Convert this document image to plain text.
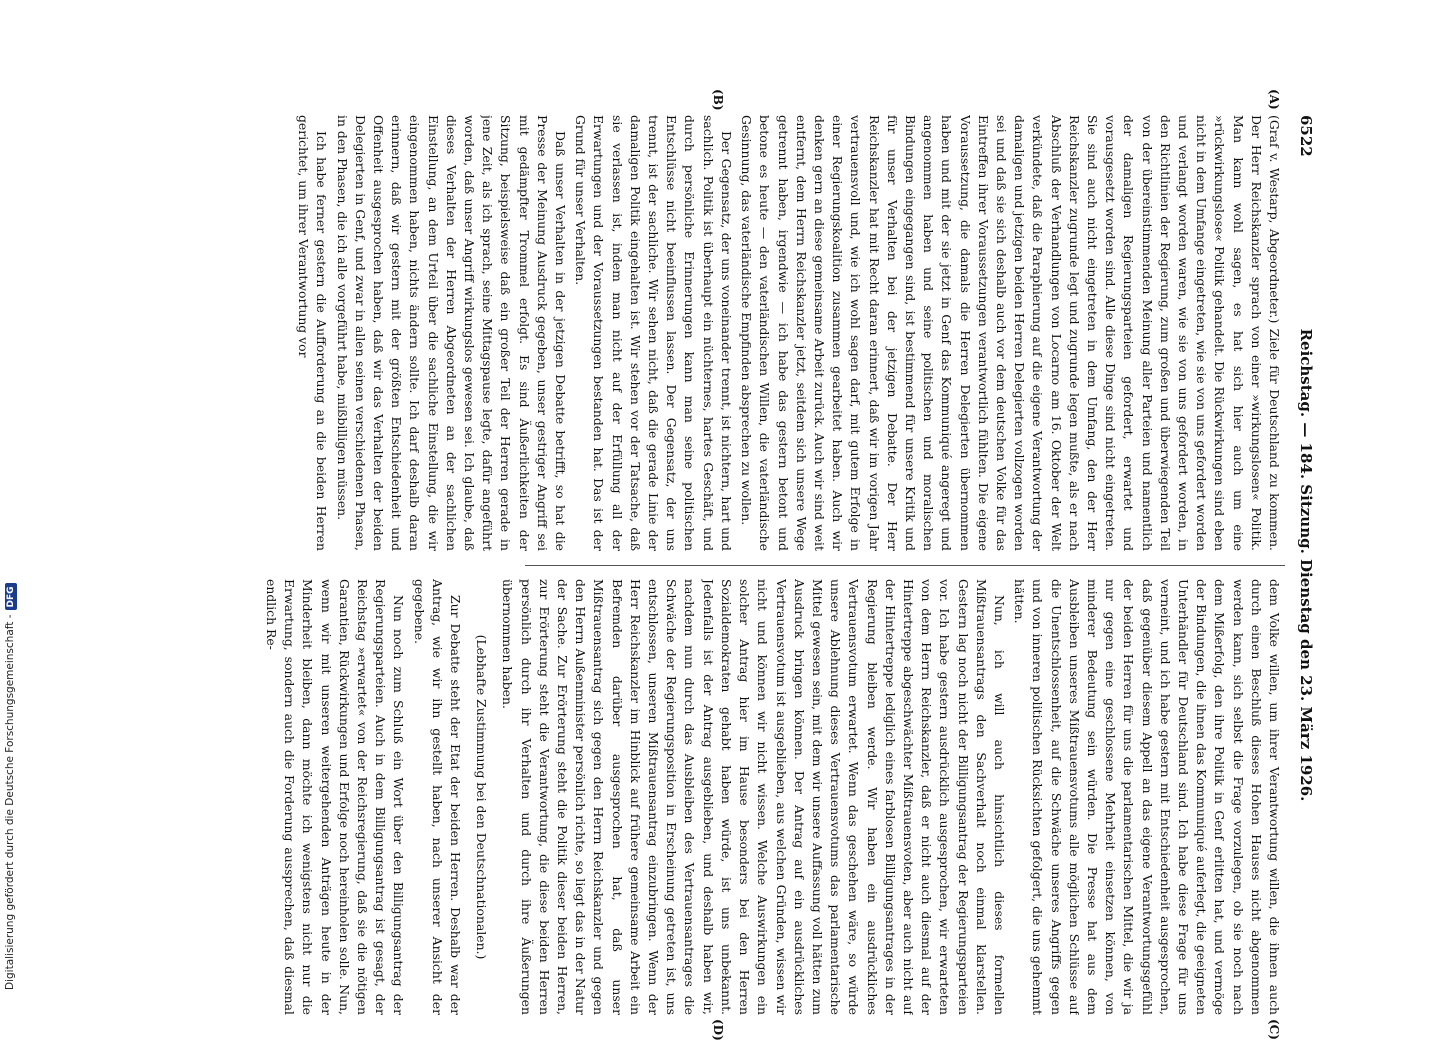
Digitalisierung gefördert durch die Deutsche Forschungsgemeinschaft -DFG
6522
Reichstag. — 184. Sitzung. Dienstag den 23. März 1926.
(A)
(B)
(C)
(D)

(Graf v. Westarp, Abgeordneter.) Ziele für Deutschland zu kommen. Der Herr Reichskanzler sprach von einer »wirkungslosen« Politik. Man kann wohl sagen, es hat sich hier auch um eine »rückwirkungslose« Politik gehandelt. Die Rückwirkungen sind eben nicht in dem Umfange eingetreten, wie sie von uns gefordert worden und verlangt worden waren, wie sie von uns gefordert worden, in den Richtlinien der Regierung, zum großen und überwiegenden Teil von der übereinstimmenden Meinung aller Parteien und namentlich der damaligen Regierungsparteien gefordert, erwartet und vorausgesetzt worden sind. Alle diese Dinge sind nicht eingetreten. Sie sind auch nicht eingetreten in dem Umfang, den der Herr Reichskanzler zugrunde legt und zugrunde legen mußte, als er nach Abschluß der Verhandlungen von Locarno am 16. Oktober der Welt verkündete, daß die Paraphierung auf die eigene Verantwortung der damaligen und jetzigen beiden Herren Delegierten vollzogen worden sei und daß sie sich deshalb auch vor dem deutschen Volke für das Eintreffen ihrer Voraussetzungen verantwortlich fühlten. Die eigene Voraussetzung, die damals die Herren Delegierten übernommen haben und mit der sie jetzt in Genf das Kommuniqué angeregt und angenommen haben und seine politischen und moralischen Bindungen eingegangen sind, ist bestimmend für unsere Kritik und für unser Verhalten bei der jetzigen Debatte. Der Herr Reichskanzler hat mit Recht daran erinnert, daß wir im vorigen Jahr vertrauensvoll und, wie ich wohl sagen darf, mit gutem Erfolge in einer Regierungskoalition zusammen gearbeitet haben. Auch wir denken gern an diese gemeinsame Arbeit zurück. Auch wir sind weit entfernt, dem Herrn Reichskanzler jetzt, seitdem sich unsere Wege getrennt haben, irgendwie — ich habe das gestern betont und betone es heute — den vaterländischen Willen, die vaterländische Gesinnung, das vaterländische Empfinden absprechen zu wollen.

Der Gegensatz, der uns voneinander trennt, ist nichtern, hart und sachlich. Politik ist überhaupt ein nüchternes, hartes Geschäft, und durch persönliche Erinnerungen kann man seine politischen Entschlüsse nicht beeinflussen lassen. Der Gegensatz, der uns trennt, ist der sachliche. Wir sehen nicht, daß die gerade Linie der damaligen Politik eingehalten ist. Wir stehen vor der Tatsache, daß sie verlassen ist, indem man nicht auf der Erfüllung all der Erwartungen und der Voraussetzungen bestanden hat. Das ist der Grund für unser Verhalten.

Daß unser Verhalten in der jetzigen Debatte betrifft, so hat die Presse der Meinung Ausdruck gegeben, unser gestriger Angriff sei mit gedämpfter Trommel erfolgt. Es sind Äußerlichkeiten der Sitzung, beispielsweise daß ein großer Teil der Herren gerade in jene Zeit, als ich sprach, seine Mittagspause legte, dafür angeführt worden, daß unser Angriff wirkungslos gewesen sei. Ich glaube, daß dieses Verhalten der Herren Abgeordneten an der sachlichen Einstellung, an dem Urteil über die sachliche Einstellung, die wir eingenommen haben, nichts ändern sollte. Ich darf deshalb daran erinnern, daß wir gestern mit der größten Entschiedenheit und Offenheit ausgesprochen haben, daß wir das Verhalten der beiden Delegierten in Genf, und zwar in allen seinen verschiedenen Phasen, in den Phasen, die ich alle vorgeführt habe, mißbilligen müssen.

Ich habe ferner gestern die Aufforderung an die beiden Herren gerichtet, um ihrer Verantwortung vor

dem Volke willen, um ihrer Verantwortung willen, die ihnen auch durch einen Beschluß dieses Hohen Hauses nicht abgenommen werden kann, sich selbst die Frage vorzulegen, ob sie noch nach dem Mißerfolg, den ihre Politik in Genf erlitten hat, und vermöge der Bindungen, die ihnen das Kommuniqué auferlegt, die geeigneten Unterhändler für Deutschland sind. Ich habe diese Frage für uns verneint, und ich habe gestern mit Entschiedenheit ausgesprochen, daß gegenüber diesem Appell an das eigene Verantwortungsgefühl der beiden Herren für uns die parlamentarischen Mittel, die wir ja nur gegen eine geschlossene Mehrheit einsetzen können, von minderer Bedeutung sein würden. Die Presse hat aus dem Ausbleiben unseres Mißtrauensvotums alle möglichen Schlüsse auf die Unentschlossenheit, auf die Schwäche unseres Angriffs gegen und von inneren politischen Rücksichten gefolgert, die uns gehemmt hätten.

Nun, ich will auch hinsichtlich dieses formellen Mißtrauensantrags den Sachverhalt noch einmal klarstellen. Gestern lag noch nicht der Billigungsantrag der Regierungsparteien vor. Ich habe gestern ausdrücklich ausgesprochen, wir erwarteten von dem Herrn Reichskanzler, daß er nicht auch diesmal auf der Hintertreppe abgeschwächter Mißtrauensvoten, aber auch nicht auf der Hintertreppe lediglich eines farblosen Billigungsantrages in der Regierung bleiben werde. Wir haben ein ausdrückliches Vertrauensvotum erwartet. Wenn das geschehen wäre, so würde unsere Ablehnung dieses Vertrauensvotums das parlamentarische Mittel gewesen sein, mit dem wir unsere Auffassung voll hätten zum Ausdruck bringen können. Der Antrag auf ein ausdrückliches Vertrauensvotum ist ausgeblieben, aus welchen Gründen, wissen wir nicht und können wir nicht wissen. Welche Auswirkungen ein solcher Antrag hier im Hause besonders bei den Herren Sozialdemokraten gehabt haben würde, ist uns unbekannt. Jedenfalls ist der Antrag ausgeblieben, und deshalb haben wir, nachdem nun durch das Ausbleiben des Vertrauensantrages die Schwäche der Regierungsposition in Erscheinung getreten ist, uns entschlossen, unseren Mißtrauensantrag einzubringen. Wenn der Herr Reichskanzler im Hinblick auf frühere gemeinsame Arbeit ein Befremden darüber ausgesprochen hat, daß unser Mißtrauensantrag sich gegen den Herrn Reichskanzler und gegen den Herrn Außenminister persönlich richte, so liegt das in der Natur der Sache. Zur Erörterung steht die Politik dieser beiden Herren, zur Erörterung steht die Verantwortung, die diese beiden Herren persönlich durch ihr Verhalten und durch ihre Äußerungen übernommen haben.

(Lebhafte Zustimmung bei den Deutschnationalen.)

Zur Debatte steht der Etat der beiden Herren. Deshalb war der Antrag, wie wir ihn gestellt haben, nach unserer Ansicht der gegebene.

Nun noch zum Schluß ein Wort über den Billigungsantrag der Regierungsparteien. Auch in dem Billigungsantrag ist gesagt, der Reichstag »erwartet« von der Reichsregierung, daß sie die nötigen Garantien, Rückwirkungen und Erfolge noch hereinholen solle. Nun, wenn wir mit unseren weitergehenden Anträgen heute in der Minderheit bleiben, dann möchte ich wenigstens nicht nur die Erwartung, sondern auch die Forderung aussprechen, daß diesmal endlich Re-
